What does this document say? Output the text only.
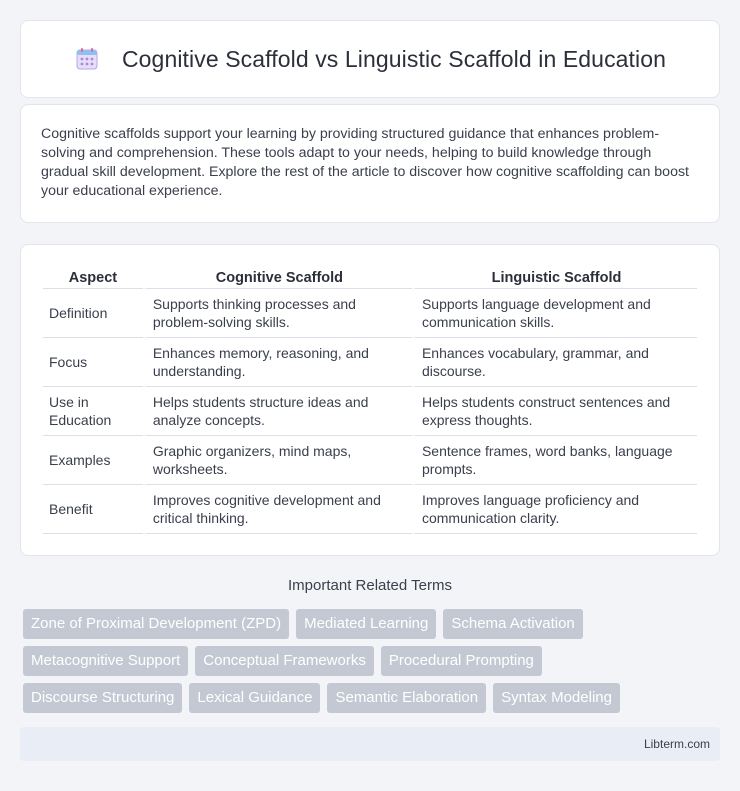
Cognitive Scaffold vs Linguistic Scaffold in Education

Cognitive scaffolds support your learning by providing structured guidance that enhances problem-solving and comprehension. These tools adapt to your needs, helping to build knowledge through gradual skill development. Explore the rest of the article to discover how cognitive scaffolding can boost your educational experience.

Aspect	Cognitive Scaffold	Linguistic Scaffold
Definition	Supports thinking processes and problem-solving skills.	Supports language development and communication skills.
Focus	Enhances memory, reasoning, and understanding.	Enhances vocabulary, grammar, and discourse.
Use in Education	Helps students structure ideas and analyze concepts.	Helps students construct sentences and express thoughts.
Examples	Graphic organizers, mind maps, worksheets.	Sentence frames, word banks, language prompts.
Benefit	Improves cognitive development and critical thinking.	Improves language proficiency and communication clarity.
Important Related Terms
Zone of Proximal Development (ZPD)	Mediated Learning	Schema Activation
Metacognitive Support	Conceptual Frameworks	Procedural Prompting
Discourse Structuring	Lexical Guidance	Semantic Elaboration	Syntax Modeling
Libterm.com
